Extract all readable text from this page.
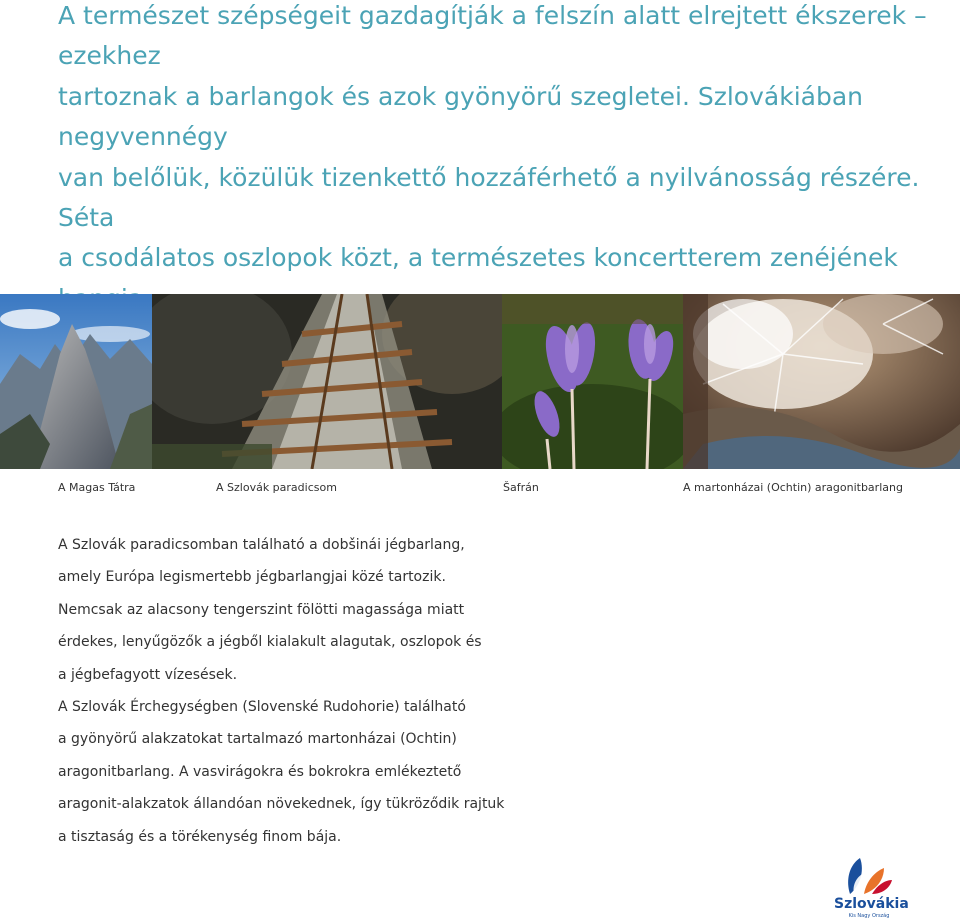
A természet szépségeit gazdagítják a felszín alatt elrejtett ékszerek – ezekhez
tartoznak a barlangok és azok gyönyörű szegletei. Szlovákiában negyvennégy
van belőlük, közülük tizenkettő hozzáférhető a nyilvánosság részére. Séta
a csodálatos oszlopok közt, a természetes koncertterem zenéjének

A Magas Tátra	A Szlovák paradicsom	Šafrán	A martonházai (Ochtin) aragonitbarlang
A Szlovák paradicsomban található a dobšinái jégbarlang,
amely Európa legismertebb jégbarlangjai közé tartozik.
Nemcsak az alacsony tengerszint fölötti magassága miatt
érdekes, lenyűgözők a jégből kialakult alagutak, oszlopok és
a jégbefagyott vízesések.
A Szlovák Érchegységben (Slovenské Rudohorie) található
a gyönyörű alakzatokat tartalmazó martonházai (Ochtin)
aragonitbarlang. A vasvirágokra és bokrokra emlékeztető
aragonit-alakzatok állandóan növekednek, így tükröződik rajtuk
a tisztaság és a törékenység finom bája.
Szlovákia
Kis Nagy Ország
